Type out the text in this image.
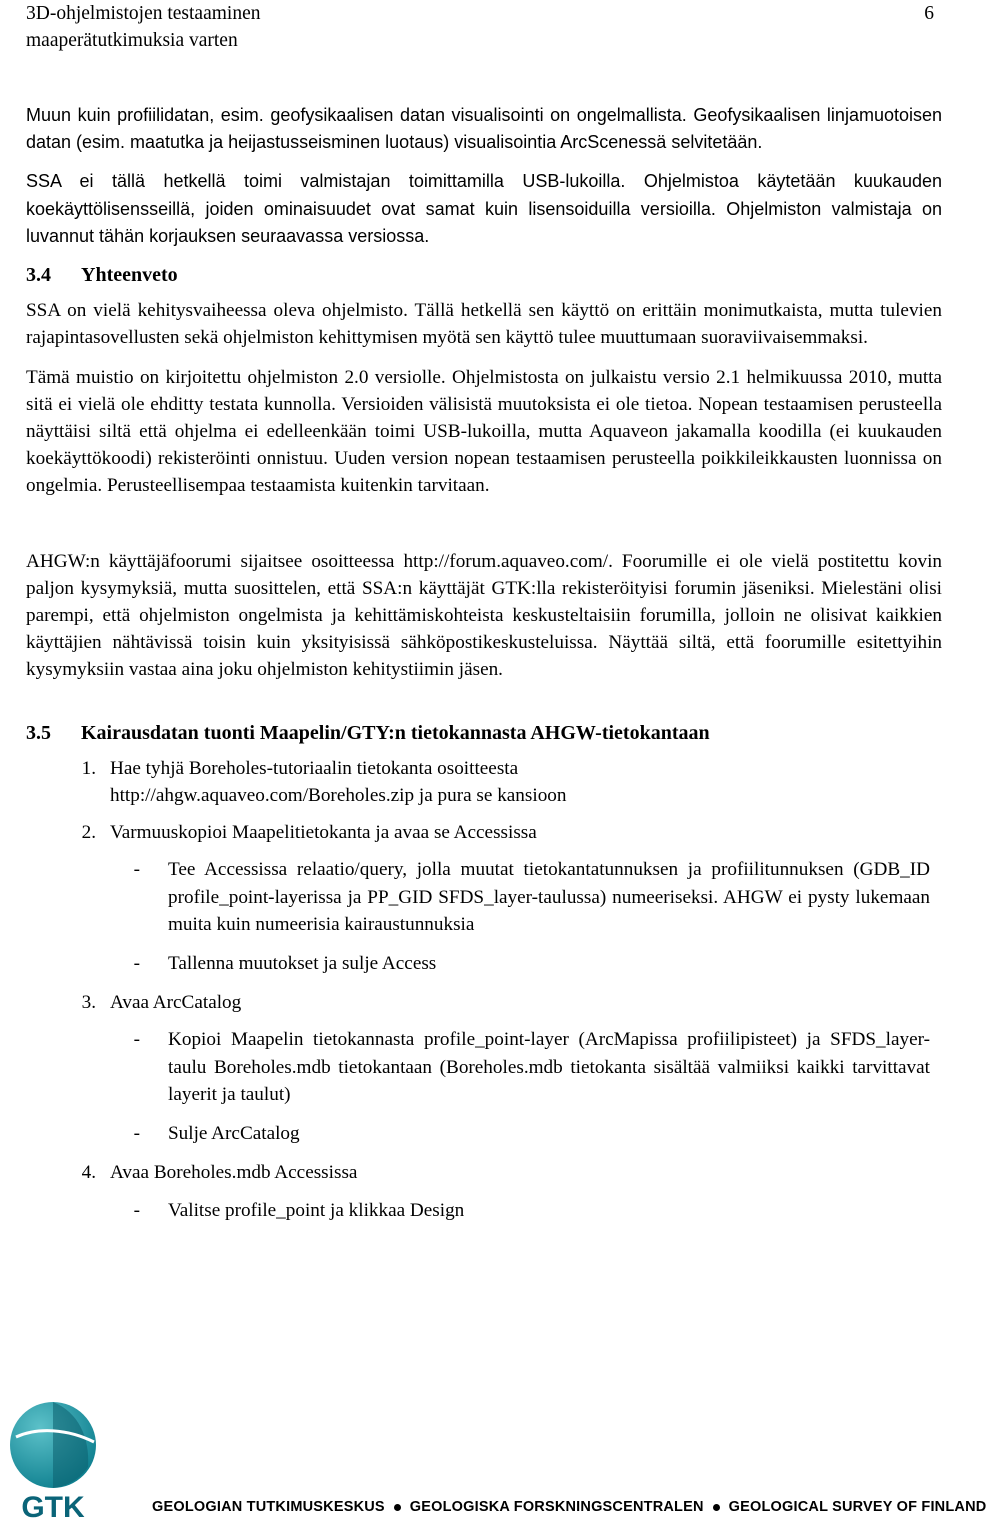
3D-ohjelmistojen testaaminen
maaperätutkimuksia varten
6

Muun kuin profiilidatan, esim. geofysikaalisen datan visualisointi on ongelmallista. Geofysikaalisen linjamuotoisen datan (esim. maatutka ja heijastusseisminen luotaus) visualisointia ArcScenessä selvitetään.

SSA ei tällä hetkellä toimi valmistajan toimittamilla USB-lukoilla. Ohjelmistoa käytetään kuukauden koekäyttölisensseillä, joiden ominaisuudet ovat samat kuin lisensoiduilla versioilla. Ohjelmiston valmistaja on luvannut tähän korjauksen seuraavassa versiossa.

3.4	Yhteenveto

SSA on vielä kehitysvaiheessa oleva ohjelmisto. Tällä hetkellä sen käyttö on erittäin monimutkaista, mutta tulevien rajapintasovellusten sekä ohjelmiston kehittymisen myötä sen käyttö tulee muuttumaan suoraviivaisemmaksi.

Tämä muistio on kirjoitettu ohjelmiston 2.0 versiolle. Ohjelmistosta on julkaistu versio 2.1 helmikuussa 2010, mutta sitä ei vielä ole ehditty testata kunnolla. Versioiden välisistä muutoksista ei ole tietoa. Nopean testaamisen perusteella näyttäisi siltä että ohjelma ei edelleenkään toimi USB-lukoilla, mutta Aquaveon jakamalla koodilla (ei kuukauden koekäyttökoodi) rekisteröinti onnistuu. Uuden version nopean testaamisen perusteella poikkileikkausten luonnissa on ongelmia. Perusteellisempaa testaamista kuitenkin tarvitaan.

AHGW:n käyttäjäfoorumi sijaitsee osoitteessa http://forum.aquaveo.com/. Foorumille ei ole vielä postitettu kovin paljon kysymyksiä, mutta suosittelen, että SSA:n käyttäjät GTK:lla rekisteröityisi forumin jäseniksi. Mielestäni olisi parempi, että ohjelmiston ongelmista ja kehittämiskohteista keskusteltaisiin forumilla, jolloin ne olisivat kaikkien käyttäjien nähtävissä toisin kuin yksityisissä sähköpostikeskusteluissa. Näyttää siltä, että foorumille esitettyihin kysymyksiin vastaa aina joku ohjelmiston kehitystiimin jäsen.

3.5	Kairausdatan tuonti Maapelin/GTY:n tietokannasta AHGW-tietokantaan
1. Hae tyhjä Boreholes-tutoriaalin tietokanta osoitteesta http://ahgw.aquaveo.com/Boreholes.zip ja pura se kansioon
2. Varmuuskopioi Maapelitietokanta ja avaa se Accessissa
-	Tee Accessissa relaatio/query, jolla muutat tietokantatunnuksen ja profiilitunnuksen (GDB_ID profile_point-layerissa ja PP_GID SFDS_layer-taulussa) numeeriseksi. AHGW ei pysty lukemaan muita kuin numeerisia kairaustunnuksia
-	Tallenna muutokset ja sulje Access
3. Avaa ArcCatalog
-	Kopioi Maapelin tietokannasta profile_point-layer (ArcMapissa profiilipisteet) ja SFDS_layer-taulu Boreholes.mdb tietokantaan (Boreholes.mdb tietokanta sisältää valmiiksi kaikki tarvittavat layerit ja taulut)
-	Sulje ArcCatalog
4. Avaa Boreholes.mdb Accessissa
-	Valitse profile_point ja klikkaa Design
GTK	GEOLOGIAN TUTKIMUSKESKUS GEOLOGISKA FORSKNINGSCENTRALEN GEOLOGICAL SURVEY OF FINLAND
